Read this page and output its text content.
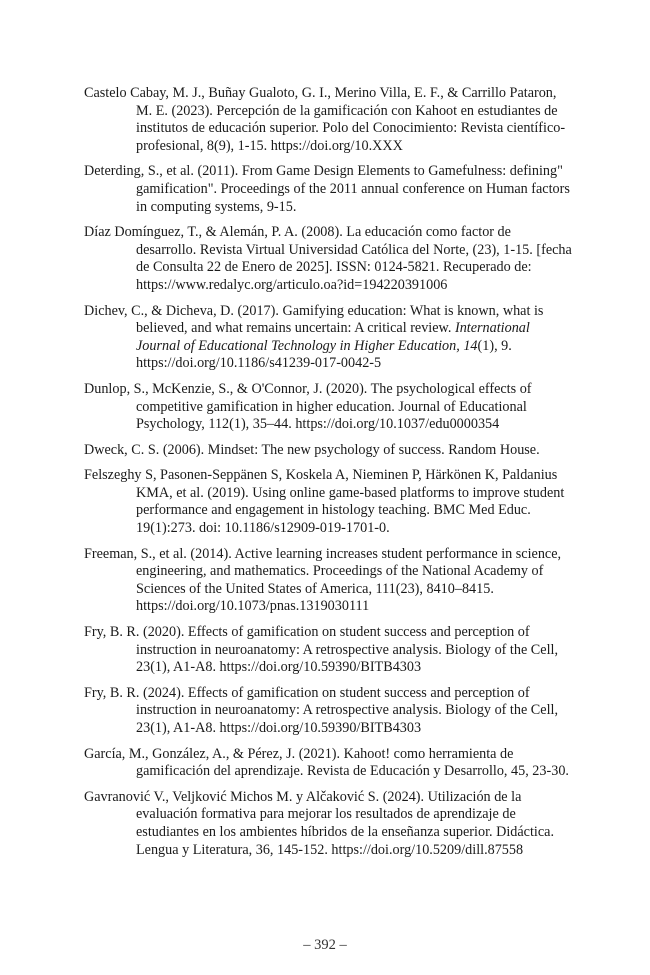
Castelo Cabay, M. J., Buñay Gualoto, G. I., Merino Villa, E. F., & Carrillo Pataron, M. E. (2023). Percepción de la gamificación con Kahoot en estudiantes de institutos de educación superior. Polo del Conocimiento: Revista científico-profesional, 8(9), 1-15. https://doi.org/10.XXX

Deterding, S., et al. (2011). From Game Design Elements to Gamefulness: defining" gamification". Proceedings of the 2011 annual conference on Human factors in computing systems, 9-15.

Díaz Domínguez, T., & Alemán, P. A. (2008). La educación como factor de desarrollo. Revista Virtual Universidad Católica del Norte, (23), 1-15. [fecha de Consulta 22 de Enero de 2025]. ISSN: 0124-5821. Recuperado de: https://www.redalyc.org/articulo.oa?id=194220391006

Dichev, C., & Dicheva, D. (2017). Gamifying education: What is known, what is believed, and what remains uncertain: A critical review. International Journal of Educational Technology in Higher Education, 14(1), 9. https://doi.org/10.1186/s41239-017-0042-5

Dunlop, S., McKenzie, S., & O'Connor, J. (2020). The psychological effects of competitive gamification in higher education. Journal of Educational Psychology, 112(1), 35–44. https://doi.org/10.1037/edu0000354

Dweck, C. S. (2006). Mindset: The new psychology of success. Random House.

Felszeghy S, Pasonen-Seppänen S, Koskela A, Nieminen P, Härkönen K, Paldanius KMA, et al. (2019). Using online game-based platforms to improve student performance and engagement in histology teaching. BMC Med Educ. 19(1):273. doi: 10.1186/s12909-019-1701-0.

Freeman, S., et al. (2014). Active learning increases student performance in science, engineering, and mathematics. Proceedings of the National Academy of Sciences of the United States of America, 111(23), 8410–8415. https://doi.org/10.1073/pnas.1319030111

Fry, B. R. (2020). Effects of gamification on student success and perception of instruction in neuroanatomy: A retrospective analysis. Biology of the Cell, 23(1), A1-A8. https://doi.org/10.59390/BITB4303

Fry, B. R. (2024). Effects of gamification on student success and perception of instruction in neuroanatomy: A retrospective analysis. Biology of the Cell, 23(1), A1-A8. https://doi.org/10.59390/BITB4303

García, M., González, A., & Pérez, J. (2021). Kahoot! como herramienta de gamificación del aprendizaje. Revista de Educación y Desarrollo, 45, 23-30.

Gavranović V., Veljković Michos M. y Alčaković S. (2024). Utilización de la evaluación formativa para mejorar los resultados de aprendizaje de estudiantes en los ambientes híbridos de la enseñanza superior. Didáctica. Lengua y Literatura, 36, 145-152. https://doi.org/10.5209/dill.87558

– 392 –
